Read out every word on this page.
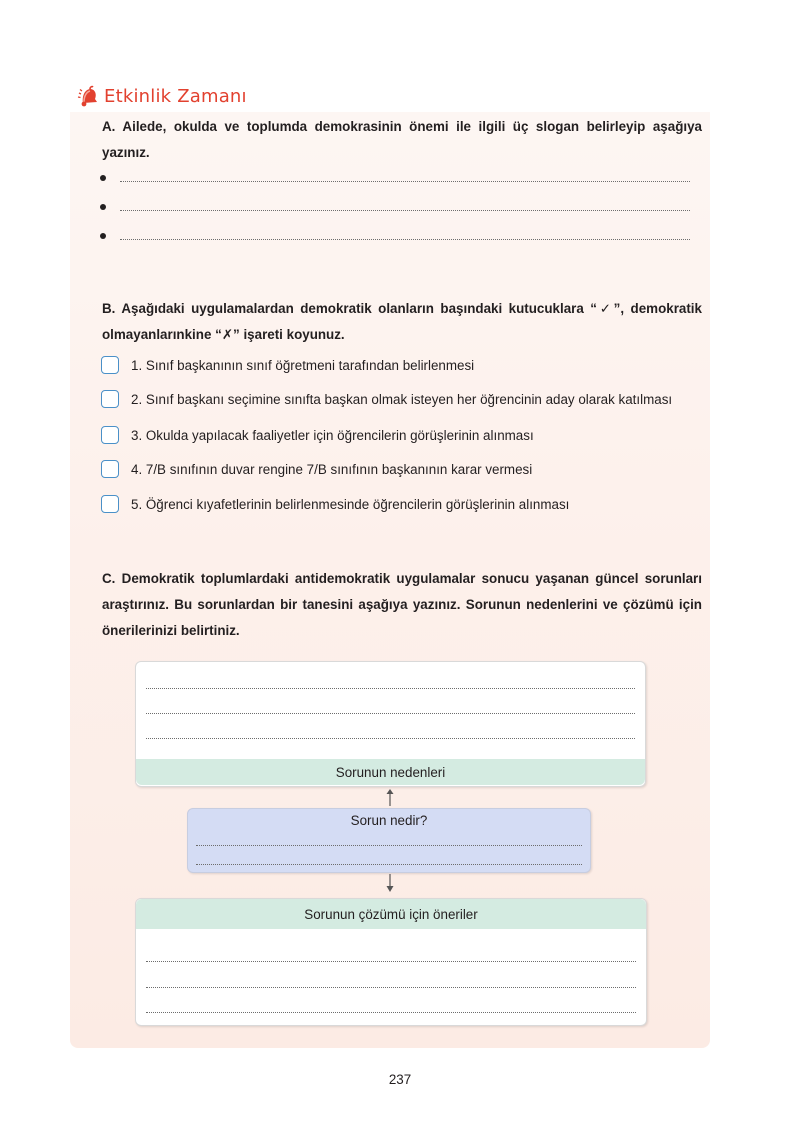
Etkinlik Zamanı
A. Ailede, okulda ve toplumda demokrasinin önemi ile ilgili üç slogan belirleyip aşağıya yazınız.
B. Aşağıdaki uygulamalardan demokratik olanların başındaki kutucuklara “✓”, demokratik olmayanlarınkine “✗” işareti koyunuz.
1. Sınıf başkanının sınıf öğretmeni tarafından belirlenmesi
2. Sınıf başkanı seçimine sınıfta başkan olmak isteyen her öğrencinin aday olarak katılması
3. Okulda yapılacak faaliyetler için öğrencilerin görüşlerinin alınması
4. 7/B sınıfının duvar rengine 7/B sınıfının başkanının karar vermesi
5. Öğrenci kıyafetlerinin belirlenmesinde öğrencilerin görüşlerinin alınması
C. Demokratik toplumlardaki antidemokratik uygulamalar sonucu yaşanan güncel sorunları araştırınız. Bu sorunlardan bir tanesini aşağıya yazınız. Sorunun nedenlerini ve çözümü için önerilerinizi belirtiniz.
Sorunun nedenleri
Sorun nedir?
Sorunun çözümü için öneriler
237
